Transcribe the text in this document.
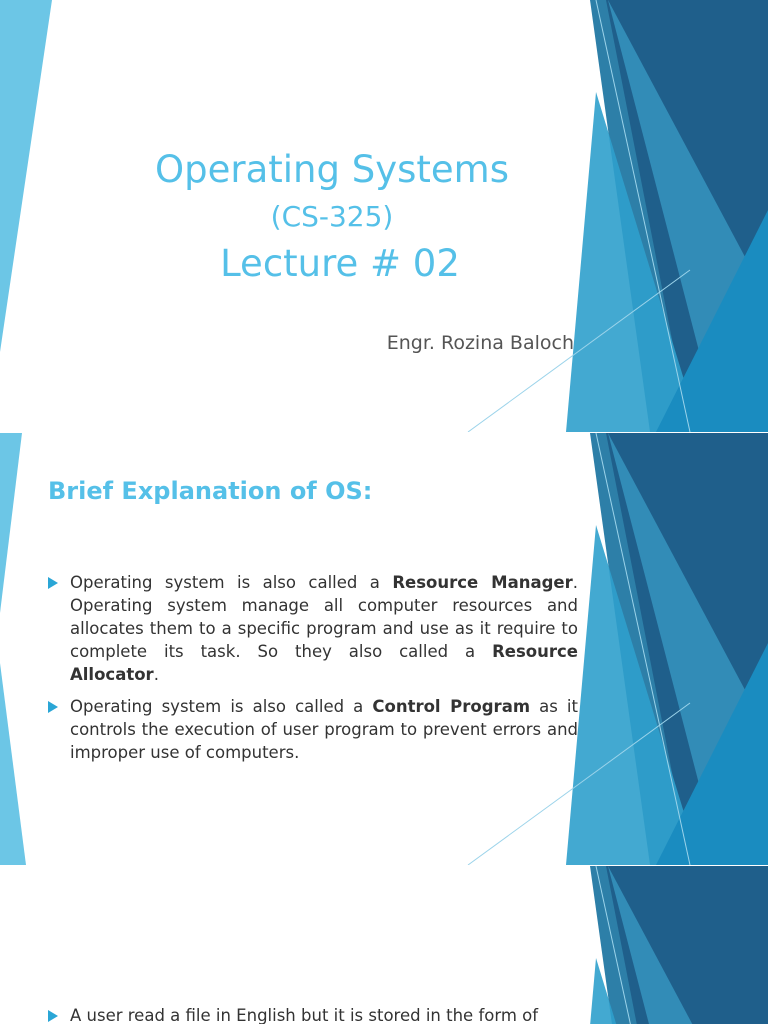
Operating Systems
(CS-325)
Lecture # 02
Engr. Rozina Baloch
Brief Explanation of OS:
Operating system is also called a Resource Manager. Operating system manage all computer resources and allocates them to a specific program and use as it require to complete its task. So they also called a Resource Allocator.
Operating system is also called a Control Program as it controls the execution of user program to prevent errors and improper use of computers.
A user read a file in English but it is stored in the form of
